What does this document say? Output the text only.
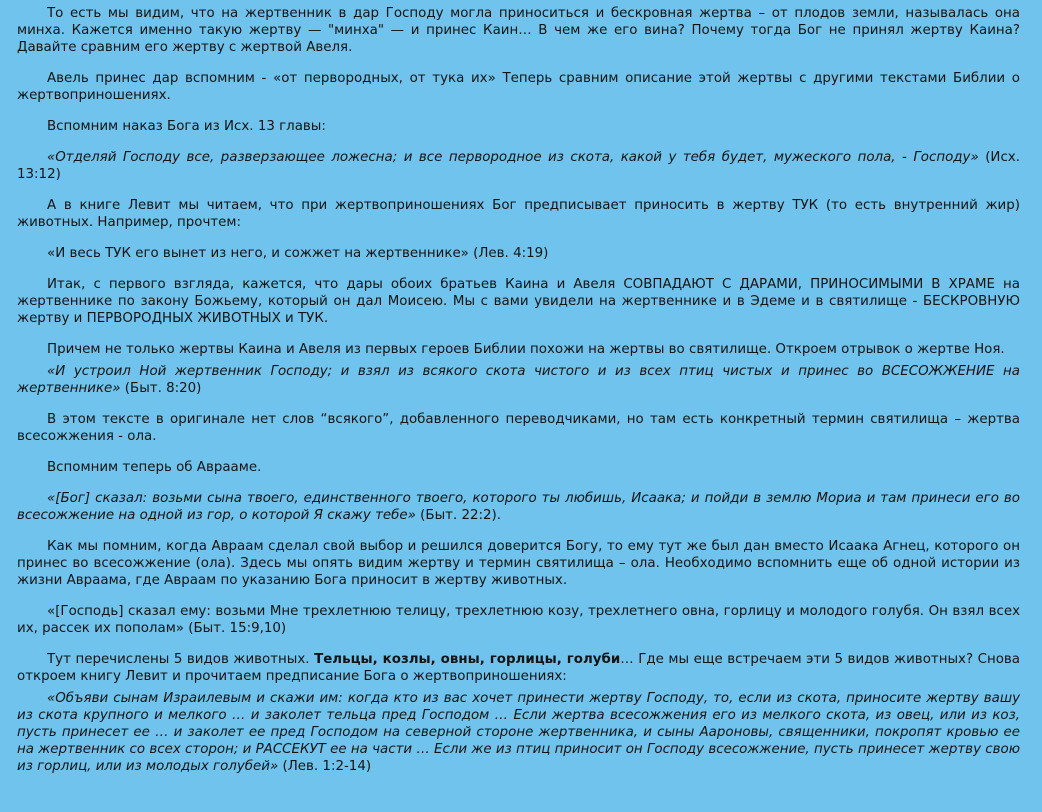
То есть мы видим, что на жертвенник в дар Господу могла приноситься и бескровная жертва – от плодов земли, называлась она минха. Кажется именно такую жертву — "минха" — и принес Каин… В чем же его вина? Почему тогда Бог не принял жертву Каина? Давайте сравним его жертву с жертвой Авеля.

Авель принес дар вспомним - «от первородных, от тука их» Теперь сравним описание этой жертвы с другими текстами Библии о жертвоприношениях.

Вспомним наказ Бога из Исх. 13 главы:

«Отделяй Господу все, разверзающее ложесна; и все первородное из скота, какой у тебя будет, мужеского пола, - Господу» (Исх. 13:12)

А в книге Левит мы читаем, что при жертвоприношениях Бог предписывает приносить в жертву ТУК (то есть внутренний жир) животных. Например, прочтем:

«И весь ТУК его вынет из него, и сожжет на жертвеннике» (Лев. 4:19)

Итак, с первого взгляда, кажется, что дары обоих братьев Каина и Авеля СОВПАДАЮТ С ДАРАМИ, ПРИНОСИМЫМИ В ХРАМЕ на жертвеннике по закону Божьему, который он дал Моисею. Мы с вами увидели на жертвеннике и в Эдеме и в святилище - БЕСКРОВНУЮ жертву и ПЕРВОРОДНЫХ ЖИВОТНЫХ и ТУК.

Причем не только жертвы Каина и Авеля из первых героев Библии похожи на жертвы во святилище. Откроем отрывок о жертве Ноя.

«И устроил Ной жертвенник Господу; и взял из всякого скота чистого и из всех птиц чистых и принес во ВСЕСОЖЖЕНИЕ на жертвеннике» (Быт. 8:20)

В этом тексте в оригинале нет слов “всякого”, добавленного переводчиками, но там есть конкретный термин святилища – жертва всесожжения - ола.

Вспомним теперь об Аврааме.

«[Бог] сказал: возьми сына твоего, единственного твоего, которого ты любишь, Исаака; и пойди в землю Мориа и там принеси его во всесожжение на одной из гор, о которой Я скажу тебе» (Быт. 22:2).

Как мы помним, когда Авраам сделал свой выбор и решился доверится Богу, то ему тут же был дан вместо Исаака Агнец, которого он принес во всесожжение (ола). Здесь мы опять видим жертву и термин святилища – ола. Необходимо вспомнить еще об одной истории из жизни Авраама, где Авраам по указанию Бога приносит в жертву животных.

«[Господь] сказал ему: возьми Мне трехлетнюю телицу, трехлетнюю козу, трехлетнего овна, горлицу и молодого голубя. Он взял всех их, рассек их пополам» (Быт. 15:9,10)

Тут перечислены 5 видов животных. Тельцы, козлы, овны, горлицы, голуби… Где мы еще встречаем эти 5 видов животных? Снова откроем книгу Левит и прочитаем предписание Бога о жертвоприношениях:

«Объяви сынам Израилевым и скажи им: когда кто из вас хочет принести жертву Господу, то, если из скота, приносите жертву вашу из скота крупного и мелкого … и заколет тельца пред Господом … Если жертва всесожжения его из мелкого скота, из овец, или из коз, пусть принесет ее … и заколет ее пред Господом на северной стороне жертвенника, и сыны Аароновы, священники, покропят кровью ее на жертвенник со всех сторон; и РАССЕКУТ ее на части … Если же из птиц приносит он Господу всесожжение, пусть принесет жертву свою из горлиц, или из молодых голубей» (Лев. 1:2-14)
